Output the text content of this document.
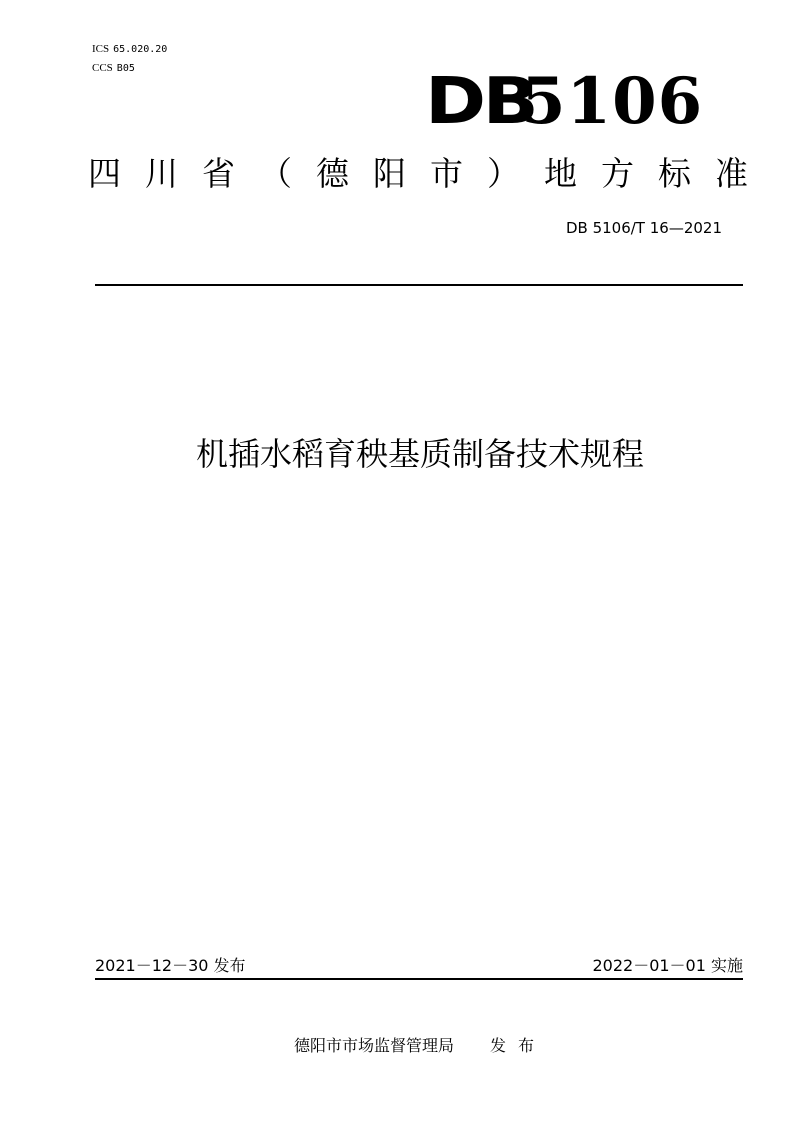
ICS 65.020.20
CCS B05	DB
5106
四 川 省 （ 德 阳 市 ） 地 方 标 准
DB 5106/T 16—2021
机插水稻育秧基质制备技术规程
2021－12－30 发布	2022－01－01 实施
德阳市市场监督管理局 发布
